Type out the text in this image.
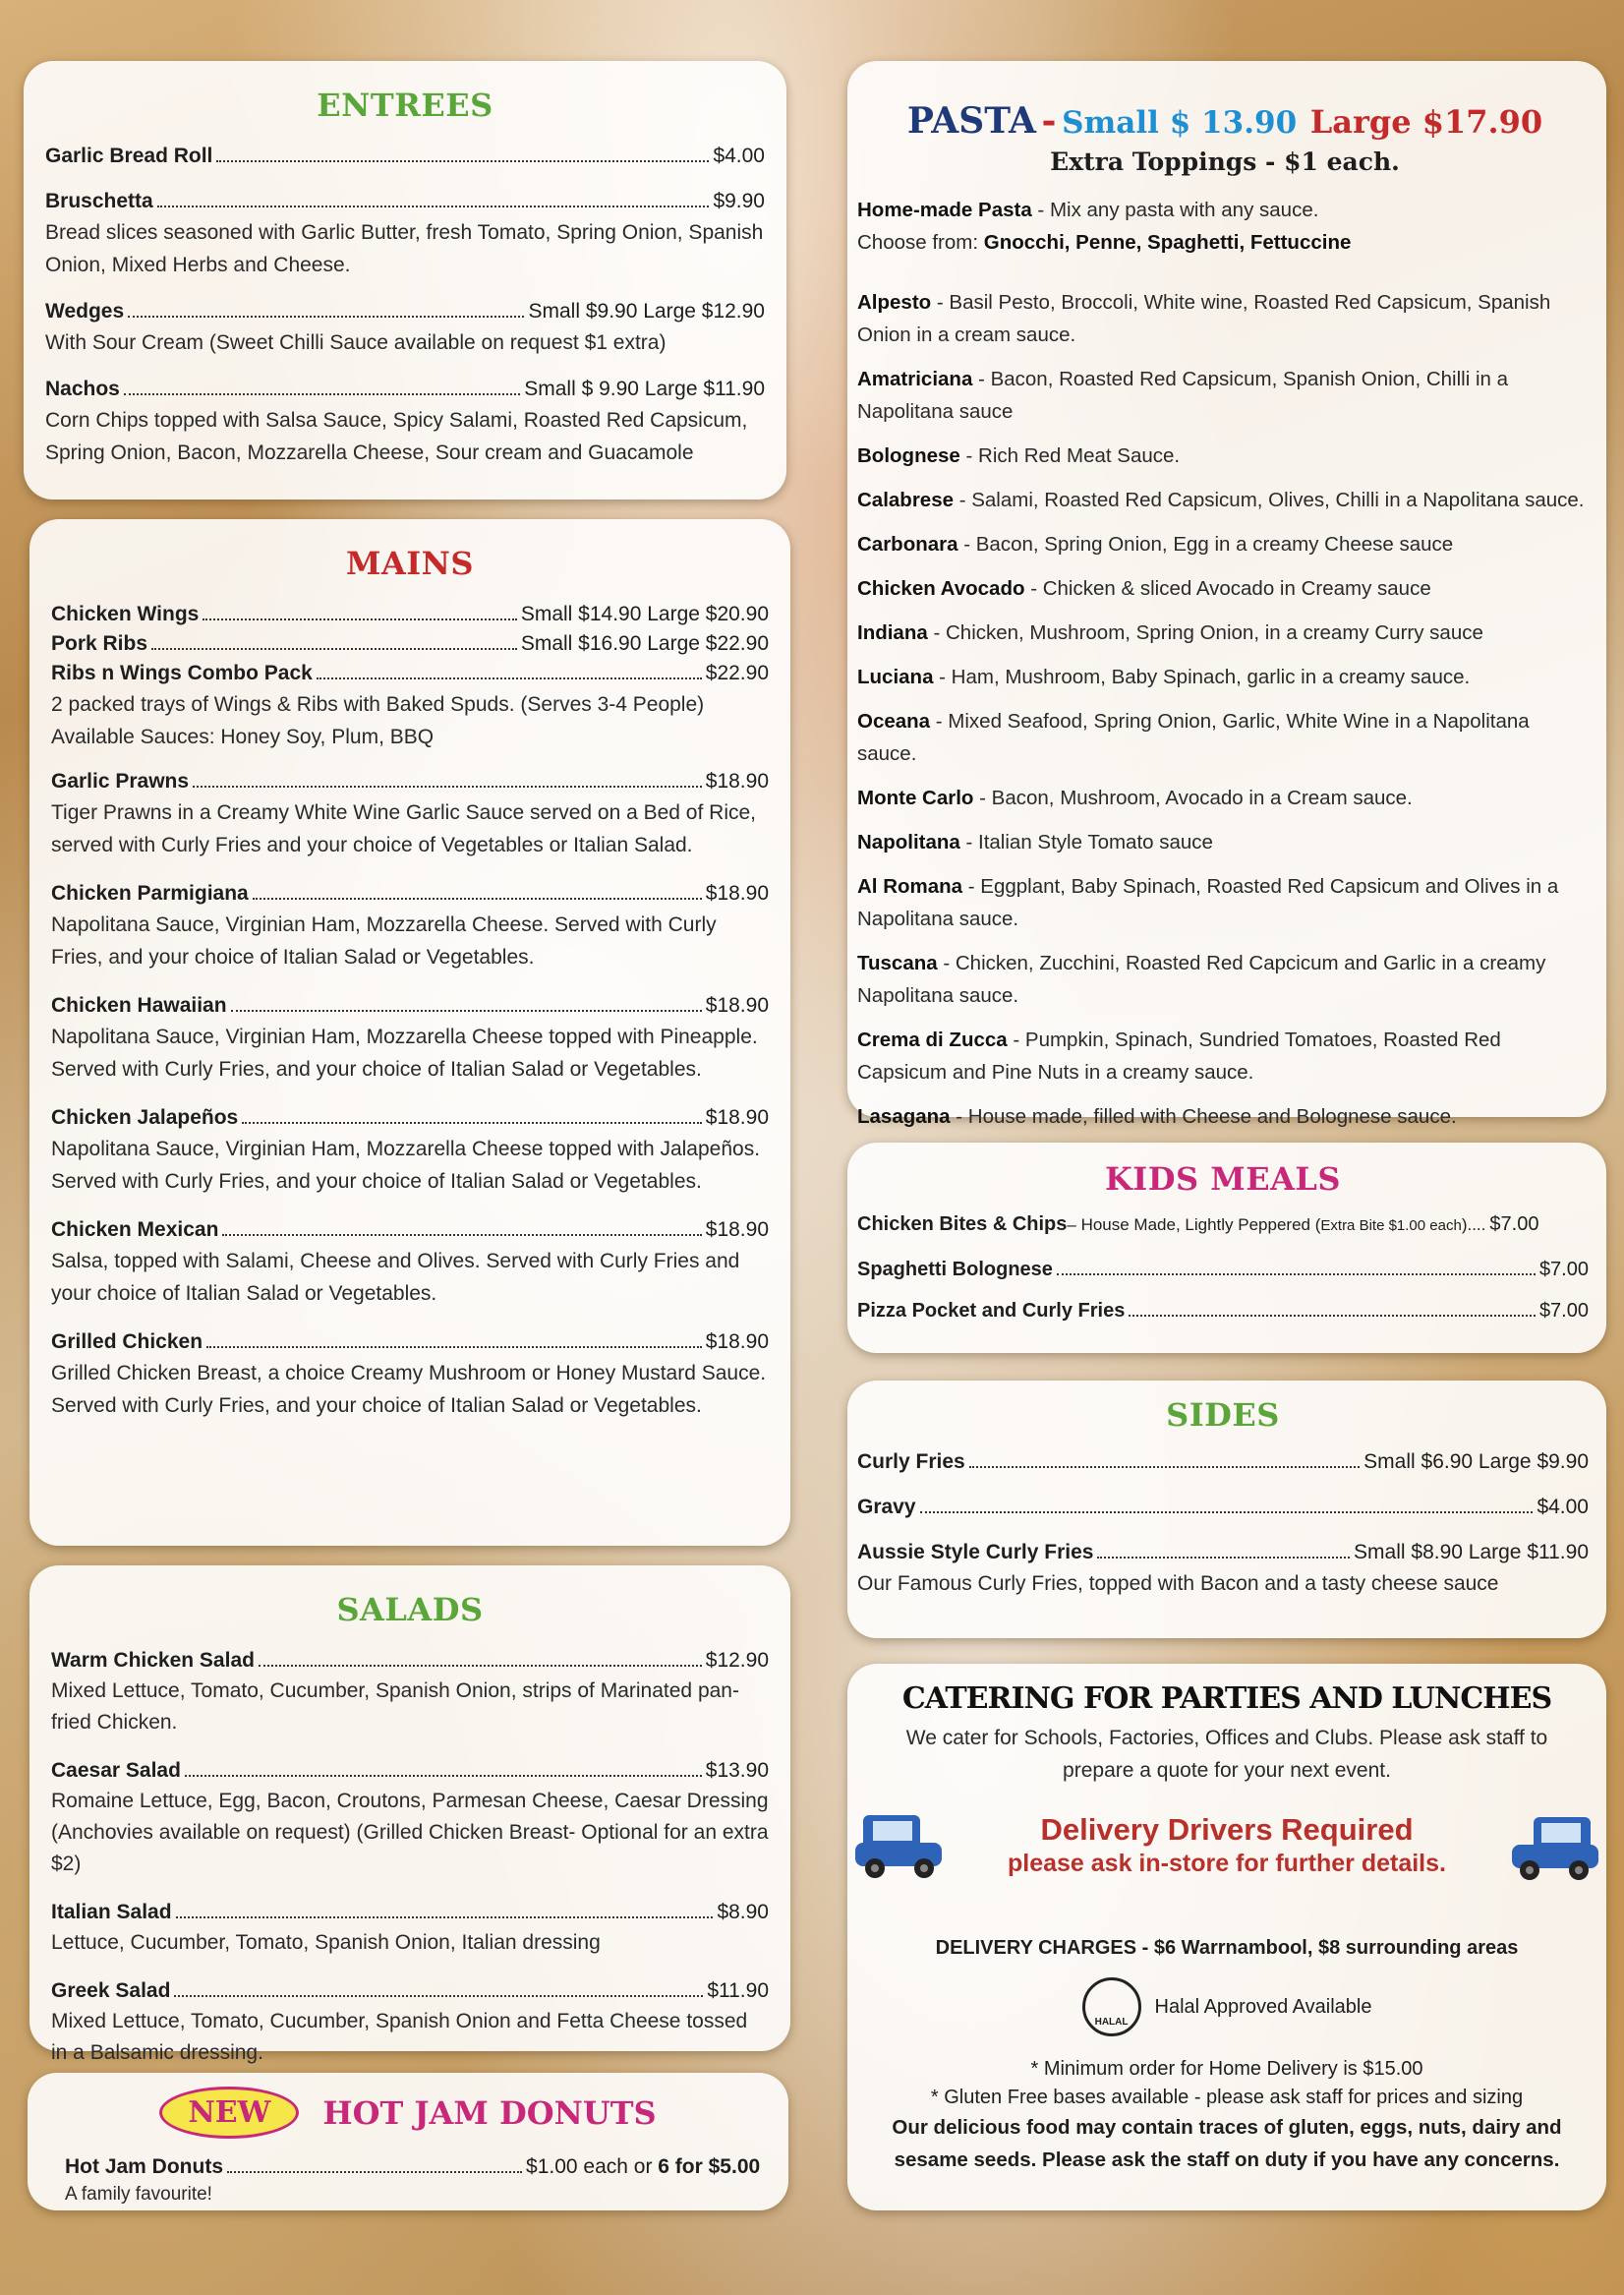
ENTREES
Garlic Bread Roll	$4.00
Bruschetta	$9.90
Bread slices seasoned with Garlic Butter, fresh Tomato, Spring Onion, Spanish Onion, Mixed Herbs and Cheese.
Wedges	Small $9.90 Large $12.90
With Sour Cream (Sweet Chilli Sauce available on request $1 extra)
Nachos	Small $ 9.90 Large $11.90
Corn Chips topped with Salsa Sauce, Spicy Salami, Roasted Red Capsicum, Spring Onion, Bacon, Mozzarella Cheese, Sour cream and Guacamole
MAINS
Chicken Wings	Small $14.90 Large $20.90
Pork Ribs	Small $16.90 Large $22.90
Ribs n Wings Combo Pack	$22.90
2 packed trays of Wings & Ribs with Baked Spuds. (Serves 3-4 People)
Available Sauces: Honey Soy, Plum, BBQ
Garlic Prawns	$18.90
Tiger Prawns in a Creamy White Wine Garlic Sauce served on a Bed of Rice, served with Curly Fries and your choice of Vegetables or Italian Salad.
Chicken Parmigiana	$18.90
Napolitana Sauce, Virginian Ham, Mozzarella Cheese. Served with Curly Fries, and your choice of Italian Salad or Vegetables.
Chicken Hawaiian	$18.90
Napolitana Sauce, Virginian Ham, Mozzarella Cheese topped with Pineapple. Served with Curly Fries, and your choice of Italian Salad or Vegetables.
Chicken Jalapeños	$18.90
Napolitana Sauce, Virginian Ham, Mozzarella Cheese topped with Jalapeños. Served with Curly Fries, and your choice of Italian Salad or Vegetables.
Chicken Mexican	$18.90
Salsa, topped with Salami, Cheese and Olives. Served with Curly Fries and your choice of Italian Salad or Vegetables.
Grilled Chicken	$18.90
Grilled Chicken Breast, a choice Creamy Mushroom or Honey Mustard Sauce. Served with Curly Fries, and your choice of Italian Salad or Vegetables.
SALADS
Warm Chicken Salad	$12.90
Mixed Lettuce, Tomato, Cucumber, Spanish Onion, strips of Marinated pan-fried Chicken.
Caesar Salad	$13.90
Romaine Lettuce, Egg, Bacon, Croutons, Parmesan Cheese, Caesar Dressing (Anchovies available on request) (Grilled Chicken Breast- Optional for an extra $2)
Italian Salad	$8.90
Lettuce, Cucumber, Tomato, Spanish Onion, Italian dressing
Greek Salad	$11.90
Mixed Lettuce, Tomato, Cucumber, Spanish Onion and Fetta Cheese tossed in a Balsamic dressing.
NEW	HOT JAM DONUTS
Hot Jam Donuts	$1.00 each or 6 for $5.00
A family favourite!
PASTA - Small $ 13.90 Large $17.90
Extra Toppings - $1 each.
Home-made Pasta - Mix any pasta with any sauce.
Choose from: Gnocchi, Penne, Spaghetti, Fettuccine
Alpesto - Basil Pesto, Broccoli, White wine, Roasted Red Capsicum, Spanish Onion in a cream sauce.
Amatriciana - Bacon, Roasted Red Capsicum, Spanish Onion, Chilli in a Napolitana sauce
Bolognese - Rich Red Meat Sauce.
Calabrese - Salami, Roasted Red Capsicum, Olives, Chilli in a Napolitana sauce.
Carbonara - Bacon, Spring Onion, Egg in a creamy Cheese sauce
Chicken Avocado - Chicken & sliced Avocado in Creamy sauce
Indiana - Chicken, Mushroom, Spring Onion, in a creamy Curry sauce
Luciana - Ham, Mushroom, Baby Spinach, garlic in a creamy sauce.
Oceana - Mixed Seafood, Spring Onion, Garlic, White Wine in a Napolitana sauce.
Monte Carlo - Bacon, Mushroom, Avocado in a Cream sauce.
Napolitana - Italian Style Tomato sauce
Al Romana - Eggplant, Baby Spinach, Roasted Red Capsicum and Olives in a Napolitana sauce.
Tuscana - Chicken, Zucchini, Roasted Red Capcicum and Garlic in a creamy Napolitana sauce.
Crema di Zucca - Pumpkin, Spinach, Sundried Tomatoes, Roasted Red Capsicum and Pine Nuts in a creamy sauce.
Lasagana - House made, filled with Cheese and Bolognese sauce.
KIDS MEALS
Chicken Bites & Chips – House Made, Lightly Peppered (Extra Bite $1.00 each).... $7.00
Spaghetti Bolognese	$7.00
Pizza Pocket and Curly Fries	$7.00
SIDES
Curly Fries	Small $6.90 Large $9.90
Gravy	$4.00
Aussie Style Curly Fries	Small $8.90 Large $11.90
Our Famous Curly Fries, topped with Bacon and a tasty cheese sauce
CATERING FOR PARTIES AND LUNCHES
We cater for Schools, Factories, Offices and Clubs. Please ask staff to prepare a quote for your next event.
Delivery Drivers Required
please ask in-store for further details.
DELIVERY CHARGES - $6 Warrnambool, $8 surrounding areas
HALAL
Halal Approved Available
* Minimum order for Home Delivery is $15.00
* Gluten Free bases available - please ask staff for prices and sizing
Our delicious food may contain traces of gluten, eggs, nuts, dairy and sesame seeds. Please ask the staff on duty if you have any concerns.
